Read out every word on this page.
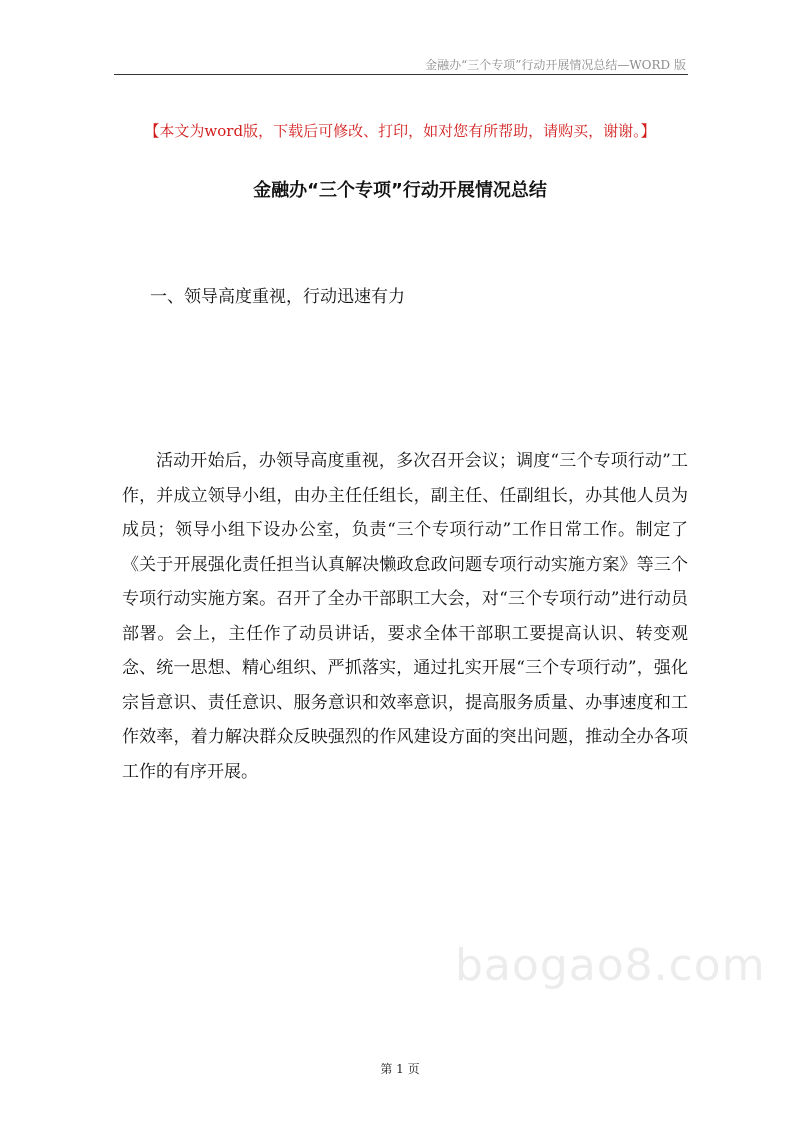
金融办“三个专项”行动开展情况总结—WORD 版
【本文为word版，下载后可修改、打印，如对您有所帮助，请购买，谢谢。】
金融办“三个专项”行动开展情况总结
一、领导高度重视，行动迅速有力

活动开始后，办领导高度重视，多次召开会议；调度“三个专项行动”工作，并成立领导小组，由办主任任组长，副主任、任副组长，办其他人员为成员；领导小组下设办公室，负责“三个专项行动”工作日常工作。制定了《关于开展强化责任担当认真解决懒政怠政问题专项行动实施方案》等三个专项行动实施方案。召开了全办干部职工大会，对“三个专项行动”进行动员部署。会上，主任作了动员讲话，要求全体干部职工要提高认识、转变观念、统一思想、精心组织、严抓落实，通过扎实开展“三个专项行动”，强化宗旨意识、责任意识、服务意识和效率意识，提高服务质量、办事速度和工作效率，着力解决群众反映强烈的作风建设方面的突出问题，推动全办各项工作的有序开展。

baogao8.com
第 1 页
